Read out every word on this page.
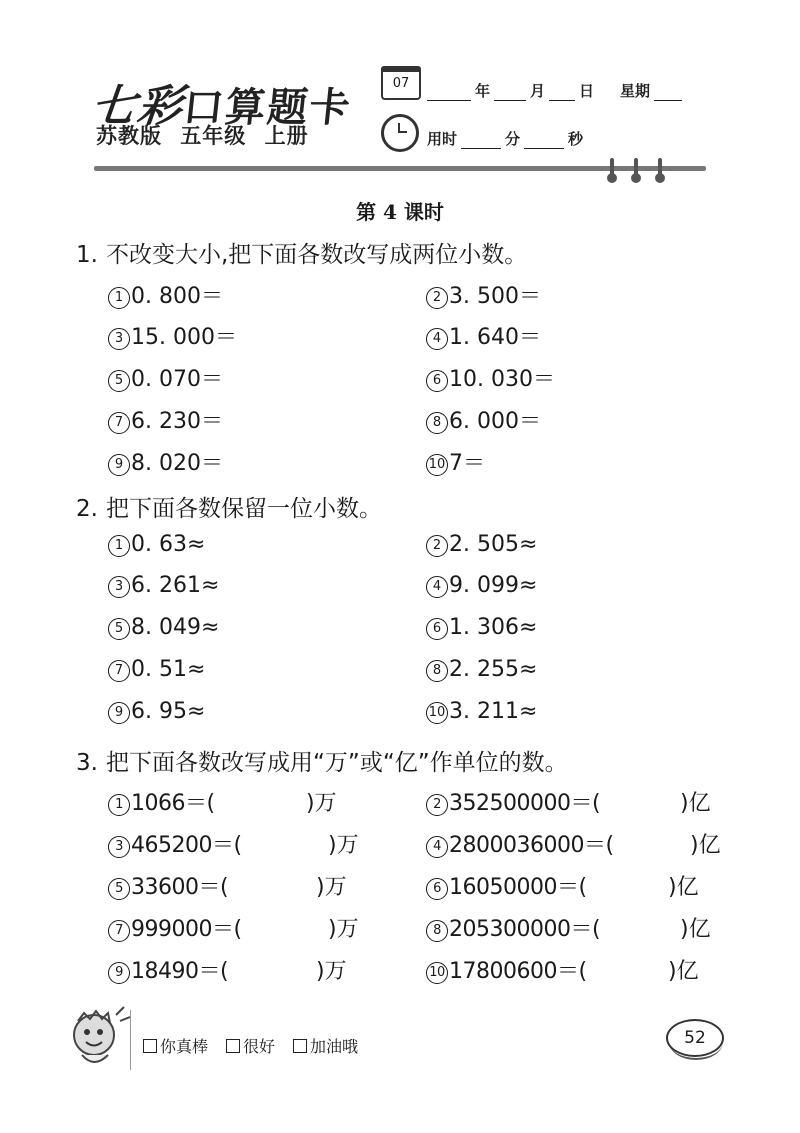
七彩口算题卡
苏教版 五年级 上册
07	年	月 日 星期
用时	分	秒
第 4 课时
1. 不改变大小,把下面各数改写成两位小数。
1 0. 800＝	2 3. 500＝
3 15. 000＝	4 1. 640＝
5 0. 070＝	6 10. 030＝
7 6. 230＝	8 6. 000＝
9 8. 020＝	10 7＝
2. 把下面各数保留一位小数。
1 0. 63≈	2 2. 505≈
3 6. 261≈	4 9. 099≈
5 8. 049≈	6 1. 306≈
7 0. 51≈	8 2. 255≈
9 6. 95≈	10 3. 211≈
3. 把下面各数改写成用“万”或“亿”作单位的数。
1 1066＝(	)万	2 352500000＝(	)亿
3 465200＝(	)万	4 2800036000＝(	)亿
5 33600＝(	)万	6 16050000＝(	)亿
7 999000＝(	)万	8 205300000＝(	)亿
9 18490＝(	)万	10 17800600＝(	)亿
你真棒 很好 加油哦	52
